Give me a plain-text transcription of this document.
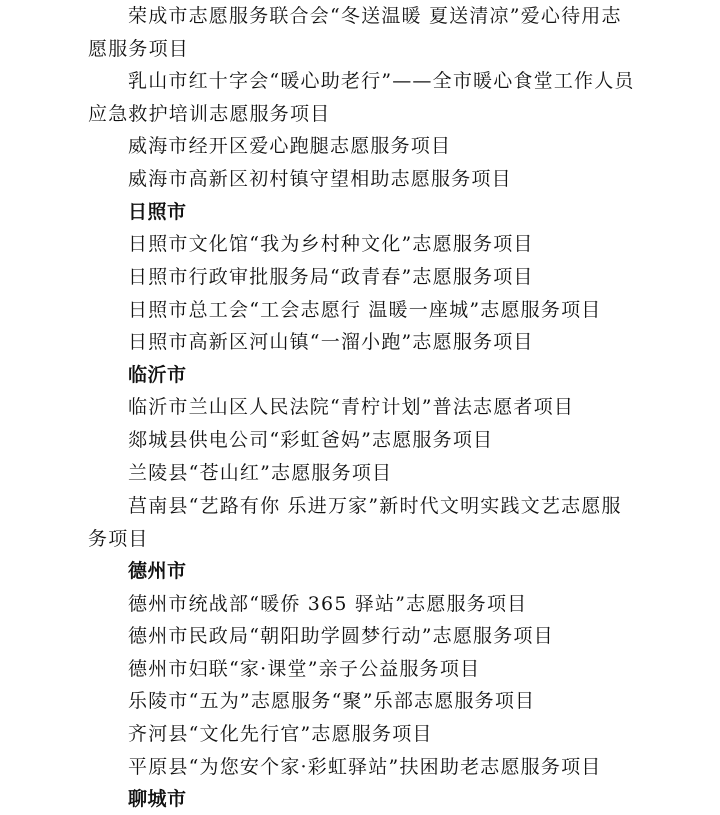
荣成市志愿服务联合会“冬送温暖 夏送清凉”爱心待用志
愿服务项目
乳山市红十字会“暖心助老行”——全市暖心食堂工作人员
应急救护培训志愿服务项目
威海市经开区爱心跑腿志愿服务项目
威海市高新区初村镇守望相助志愿服务项目
日照市
日照市文化馆“我为乡村种文化”志愿服务项目
日照市行政审批服务局“政青春”志愿服务项目
日照市总工会“工会志愿行 温暖一座城”志愿服务项目
日照市高新区河山镇“一溜小跑”志愿服务项目
临沂市
临沂市兰山区人民法院“青柠计划”普法志愿者项目
郯城县供电公司“彩虹爸妈”志愿服务项目
兰陵县“苍山红”志愿服务项目
莒南县“艺路有你 乐进万家”新时代文明实践文艺志愿服
务项目
德州市
德州市统战部“暖侨 365 驿站”志愿服务项目
德州市民政局“朝阳助学圆梦行动”志愿服务项目
德州市妇联“家·课堂”亲子公益服务项目
乐陵市“五为”志愿服务“聚”乐部志愿服务项目
齐河县“文化先行官”志愿服务项目
平原县“为您安个家·彩虹驿站”扶困助老志愿服务项目
聊城市
